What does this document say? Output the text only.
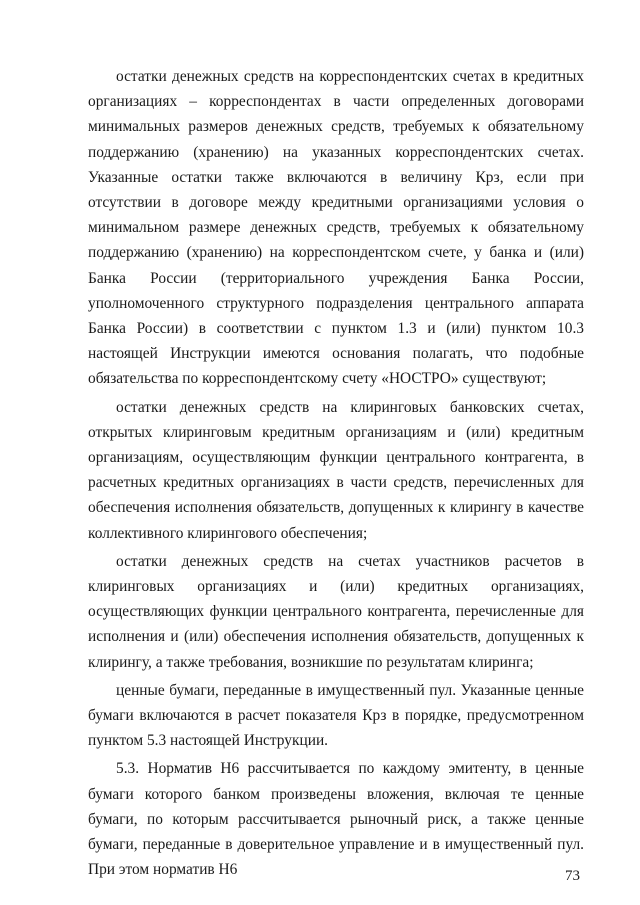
остатки денежных средств на корреспондентских счетах в кредитных организациях – корреспондентах в части определенных договорами минимальных размеров денежных средств, требуемых к обязательному поддержанию (хранению) на указанных корреспондентских счетах. Указанные остатки также включаются в величину Крз, если при отсутствии в договоре между кредитными организациями условия о минимальном размере денежных средств, требуемых к обязательному поддержанию (хранению) на корреспондентском счете, у банка и (или) Банка России (территориального учреждения Банка России, уполномоченного структурного подразделения центрального аппарата Банка России) в соответствии с пунктом 1.3 и (или) пунктом 10.3 настоящей Инструкции имеются основания полагать, что подобные обязательства по корреспондентскому счету «НОСТРО» существуют;

остатки денежных средств на клиринговых банковских счетах, открытых клиринговым кредитным организациям и (или) кредитным организациям, осуществляющим функции центрального контрагента, в расчетных кредитных организациях в части средств, перечисленных для обеспечения исполнения обязательств, допущенных к клирингу в качестве коллективного клирингового обеспечения;

остатки денежных средств на счетах участников расчетов в клиринговых организациях и (или) кредитных организациях, осуществляющих функции центрального контрагента, перечисленные для исполнения и (или) обеспечения исполнения обязательств, допущенных к клирингу, а также требования, возникшие по результатам клиринга;

ценные бумаги, переданные в имущественный пул. Указанные ценные бумаги включаются в расчет показателя Крз в порядке, предусмотренном пунктом 5.3 настоящей Инструкции.

5.3. Норматив Н6 рассчитывается по каждому эмитенту, в ценные бумаги которого банком произведены вложения, включая те ценные бумаги, по которым рассчитывается рыночный риск, а также ценные бумаги, переданные в доверительное управление и в имущественный пул. При этом норматив Н6	73
